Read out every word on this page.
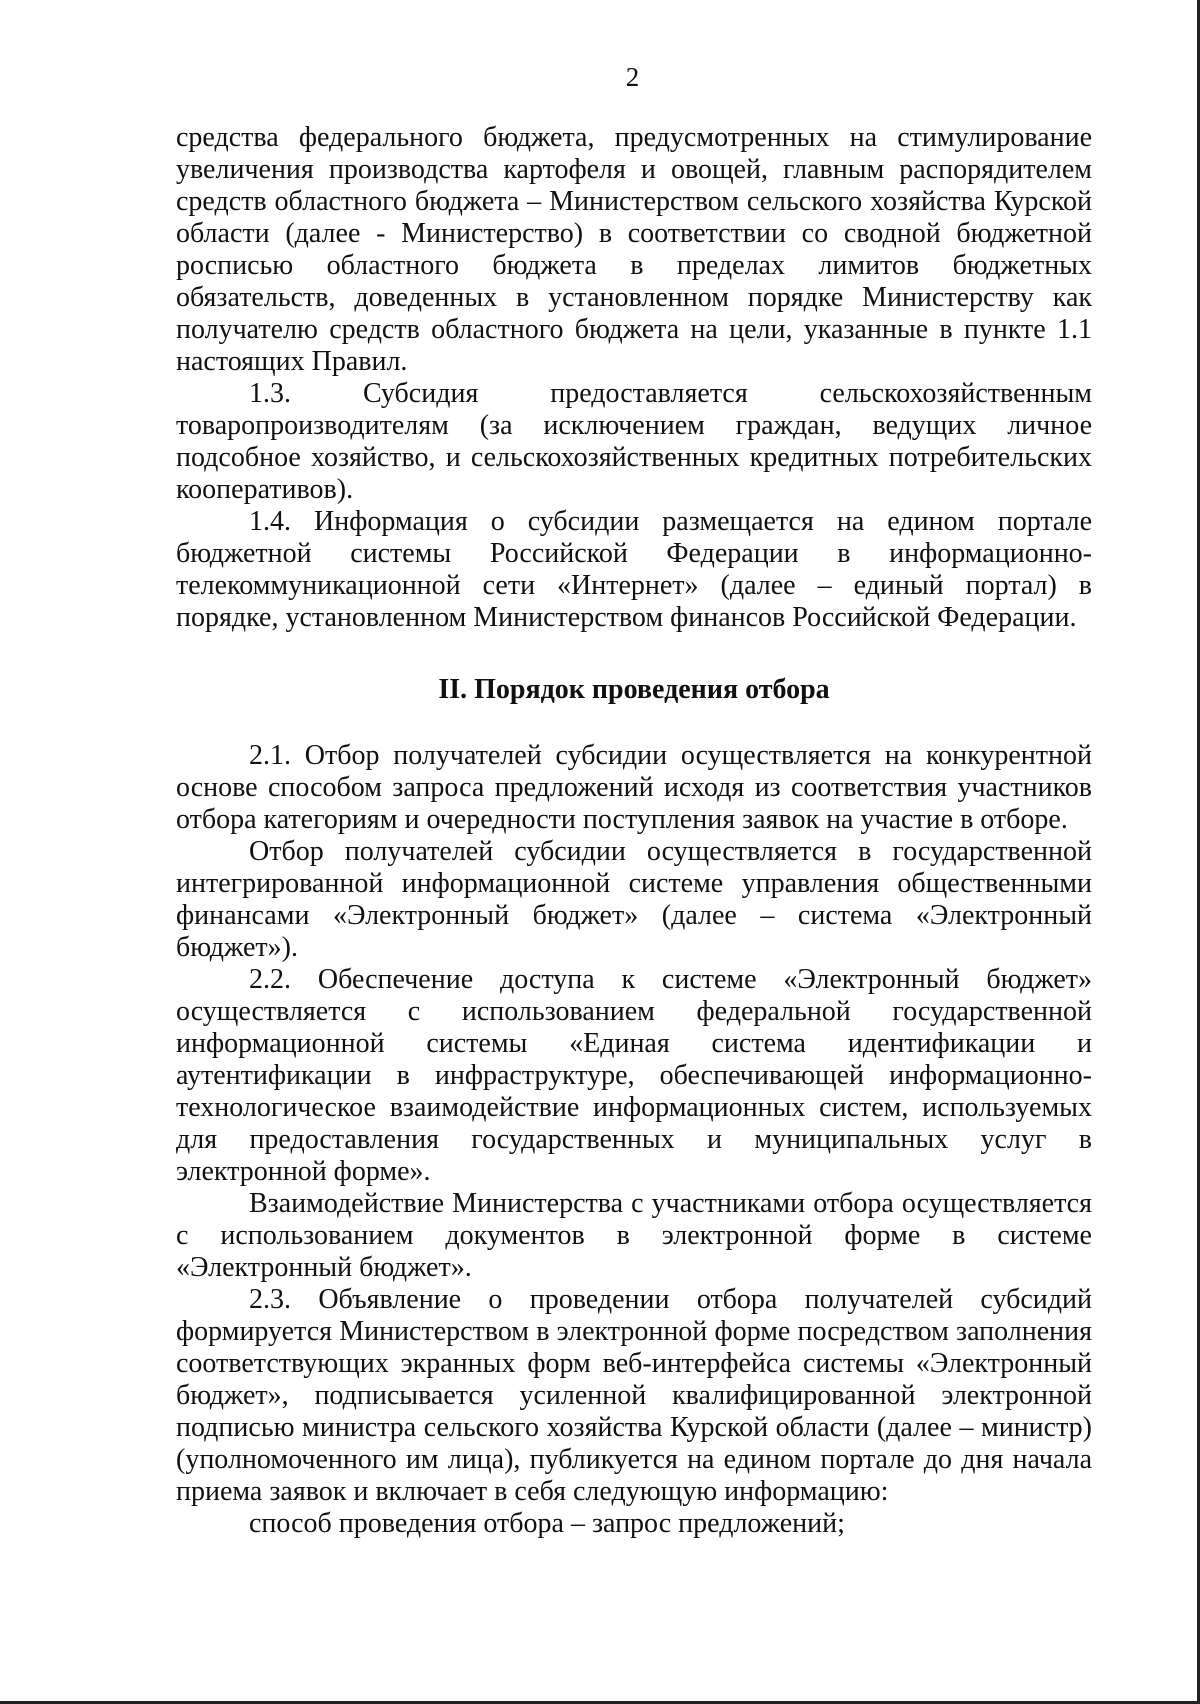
2

средства федерального бюджета, предусмотренных на стимулирование увеличения производства картофеля и овощей, главным распорядителем средств областного бюджета – Министерством сельского хозяйства Курской области (далее - Министерство) в соответствии со сводной бюджетной росписью областного бюджета в пределах лимитов бюджетных обязательств, доведенных в установленном порядке Министерству как получателю средств областного бюджета на цели, указанные в пункте 1.1 настоящих Правил.

1.3. Субсидия предоставляется сельскохозяйственным товаропроизводителям (за исключением граждан, ведущих личное подсобное хозяйство, и сельскохозяйственных кредитных потребительских кооперативов).

1.4. Информация о субсидии размещается на едином портале бюджетной системы Российской Федерации в информационно-телекоммуникационной сети «Интернет» (далее – единый портал) в порядке, установленном Министерством финансов Российской Федерации.

II. Порядок проведения отбора

2.1. Отбор получателей субсидии осуществляется на конкурентной основе способом запроса предложений исходя из соответствия участников отбора категориям и очередности поступления заявок на участие в отборе.

Отбор получателей субсидии осуществляется в государственной интегрированной информационной системе управления общественными финансами «Электронный бюджет» (далее – система «Электронный бюджет»).

2.2. Обеспечение доступа к системе «Электронный бюджет» осуществляется с использованием федеральной государственной информационной системы «Единая система идентификации и аутентификации в инфраструктуре, обеспечивающей информационно-технологическое взаимодействие информационных систем, используемых для предоставления государственных и муниципальных услуг в электронной форме».

Взаимодействие Министерства с участниками отбора осуществляется с использованием документов в электронной форме в системе «Электронный бюджет».

2.3. Объявление о проведении отбора получателей субсидий формируется Министерством в электронной форме посредством заполнения соответствующих экранных форм веб-интерфейса системы «Электронный бюджет», подписывается усиленной квалифицированной электронной подписью министра сельского хозяйства Курской области (далее – министр) (уполномоченного им лица), публикуется на едином портале до дня начала приема заявок и включает в себя следующую информацию:

способ проведения отбора – запрос предложений;
